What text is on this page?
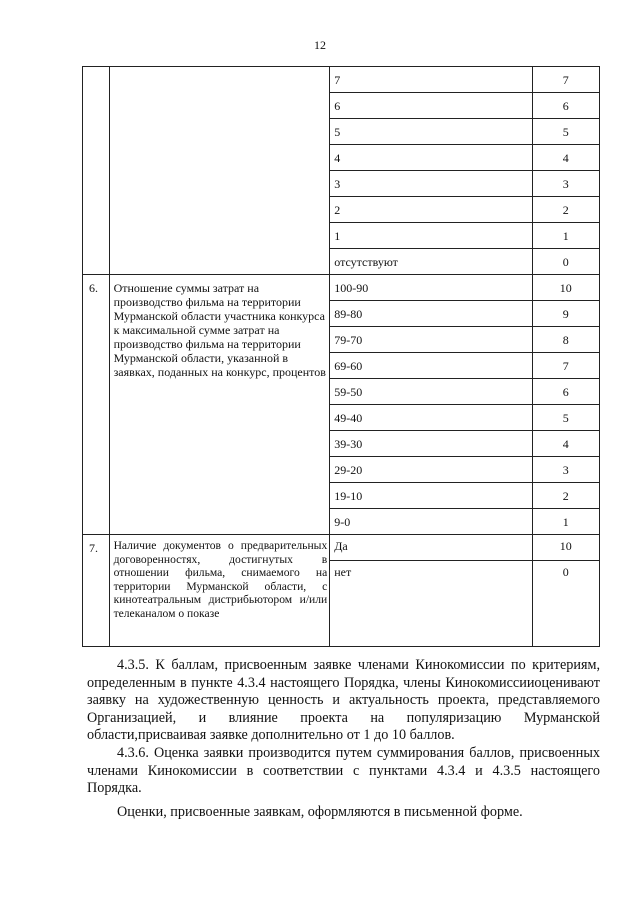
12
		7	7
		6	6
		5	5
		4	4
		3	3
		2	2
		1	1
		отсутствуют	0

6.	Отношение суммы затрат на производство фильма на территории Мурманской области участника конкурса к максимальной сумме затрат на производство фильма на территории Мурманской области, указанной в заявках, поданных на конкурс, процентов	100-90	10
		89-80	9
		79-70	8
		69-60	7
		59-50	6
		49-40	5
		39-30	4
		29-20	3
		19-10	2
		9-0	1

7.	Наличие документов о предварительных договоренностях, достигнутых в отношении фильма, снимаемого на территории Мурманской области, с кинотеатральным дистрибьютором и/или телеканалом о показе	Да	10

		нет	0

4.3.5. К баллам, присвоенным заявке членами Кинокомиссии по критериям, определенным в пункте 4.3.4 настоящего Порядка, члены Кинокомиссииоценивают заявку на художественную ценность и актуальность проекта, представляемого Организацией, и влияние проекта на популяризацию Мурманской области,присваивая заявке дополнительно от 1 до 10 баллов.

4.3.6. Оценка заявки производится путем суммирования баллов, присвоенных членами Кинокомиссии в соответствии с пунктами 4.3.4 и 4.3.5 настоящего Порядка.

Оценки, присвоенные заявкам, оформляются в письменной форме.
